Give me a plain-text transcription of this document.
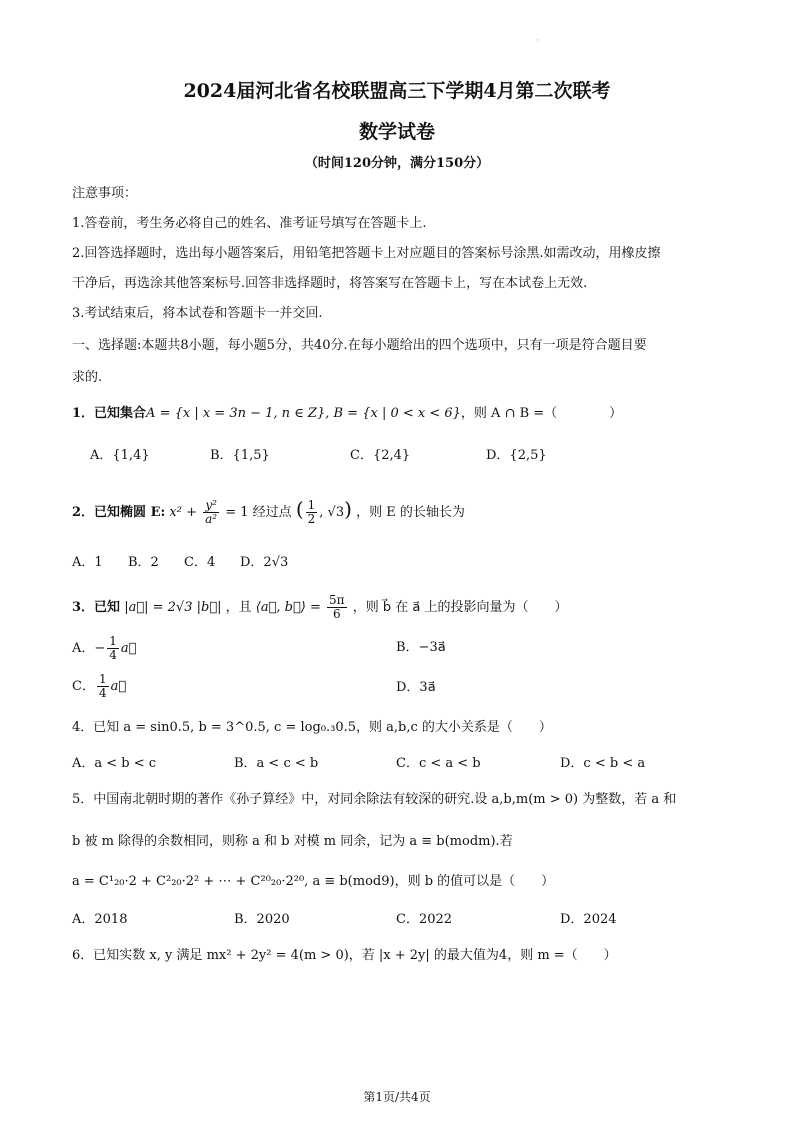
·
2024届河北省名校联盟高三下学期4月第二次联考
数学试卷
（时间120分钟，满分150分）
注意事项：
1.答卷前，考生务必将自己的姓名、准考证号填写在答题卡上.
2.回答选择题时，选出每小题答案后，用铅笔把答题卡上对应题目的答案标号涂黑.如需改动，用橡皮擦
干净后，再选涂其他答案标号.回答非选择题时，将答案写在答题卡上，写在本试卷上无效.
3.考试结束后，将本试卷和答题卡一并交回.
一、选择题:本题共8小题，每小题5分，共40分.在每小题给出的四个选项中，只有一项是符合题目要
求的.
1．已知集合A = {x | x = 3n − 1, n ∈ Z}, B = {x | 0 < x < 6}，则 A ∩ B =（　　　　）
A．{1,4}	B．{1,5}	C．{2,4}	D．{2,5}
2．已知椭圆 E: $x^2 + \frac{\text{y²}}{\text{a²}} = 1$ 经过点 ( $\frac{1}{2}$ , √3) ，则 E 的长轴长为
A．1 B．2 C．4 D．2√3
3．已知 |a⃗| = 2√3 |b⃗| ，且 ⟨a⃗, b⃗⟩ = $\frac{5\pi}{6}$ ，则 b⃗ 在 a⃗ 上的投影向量为（　　）
A．− $\frac{1}{4}$ a⃗	B．−3a⃗
C． $\frac{1}{4}$ a⃗	D．3a⃗
4．已知 a = sin0.5, b = 3^0.5, c = log₀.₃0.5，则 a,b,c 的大小关系是（　　）
A．a < b < c	B．a < c < b	C．c < a < b	D．c < b < a
5．中国南北朝时期的著作《孙子算经》中，对同余除法有较深的研究.设 a,b,m(m > 0) 为整数，若 a 和
b 被 m 除得的余数相同，则称 a 和 b 对模 m 同余，记为 a ≡ b(modm).若
a = C¹₂₀·2 + C²₂₀·2² + ⋯ + C²⁰₂₀·2²⁰, a ≡ b(mod9)，则 b 的值可以是（　　）
A．2018	B．2020	C．2022	D．2024
6．已知实数 x, y 满足 mx² + 2y² = 4(m > 0)，若 |x + 2y| 的最大值为4，则 m =（　　）
第1页/共4页
